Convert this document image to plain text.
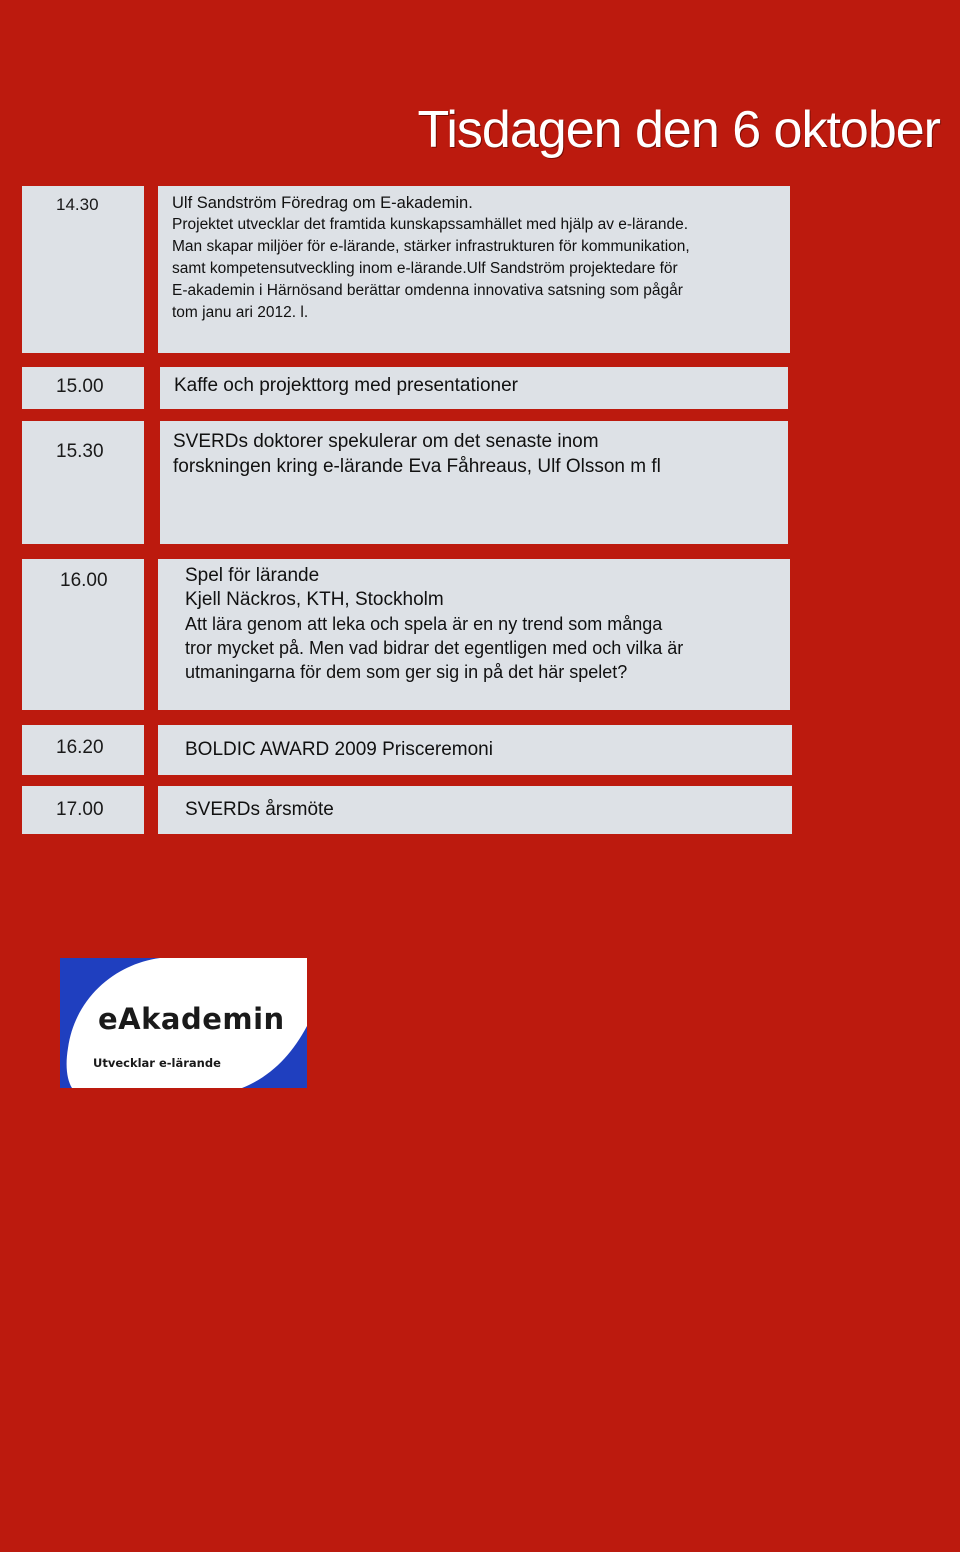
Tisdagen den 6 oktober
14.30	Ulf Sandström Föredrag om E-akademin.
Projektet utvecklar det framtida kunskapssamhället med hjälp av e-lärande.
Man skapar miljöer för e-lärande, stärker infrastrukturen för kommunikation,
samt kompetensutveckling inom e-lärande.Ulf Sandström projektedare för
E-akademin i Härnösand berättar omdenna innovativa satsning som pågår
tom janu ari 2012. l.
15.00	Kaffe och projekttorg med presentationer
15.30	SVERDs doktorer spekulerar om det senaste inom
forskningen kring e-lärande Eva Fåhreaus, Ulf Olsson m fl
16.00	Spel för lärande
Kjell Näckros, KTH, Stockholm
Att lära genom att leka och spela är en ny trend som många
tror mycket på. Men vad bidrar det egentligen med och vilka är
utmaningarna för dem som ger sig in på det här spelet?
16.20	BOLDIC AWARD 2009 Prisceremoni
17.00	SVERDs årsmöte
eAkademin
Utvecklar e-lärande
